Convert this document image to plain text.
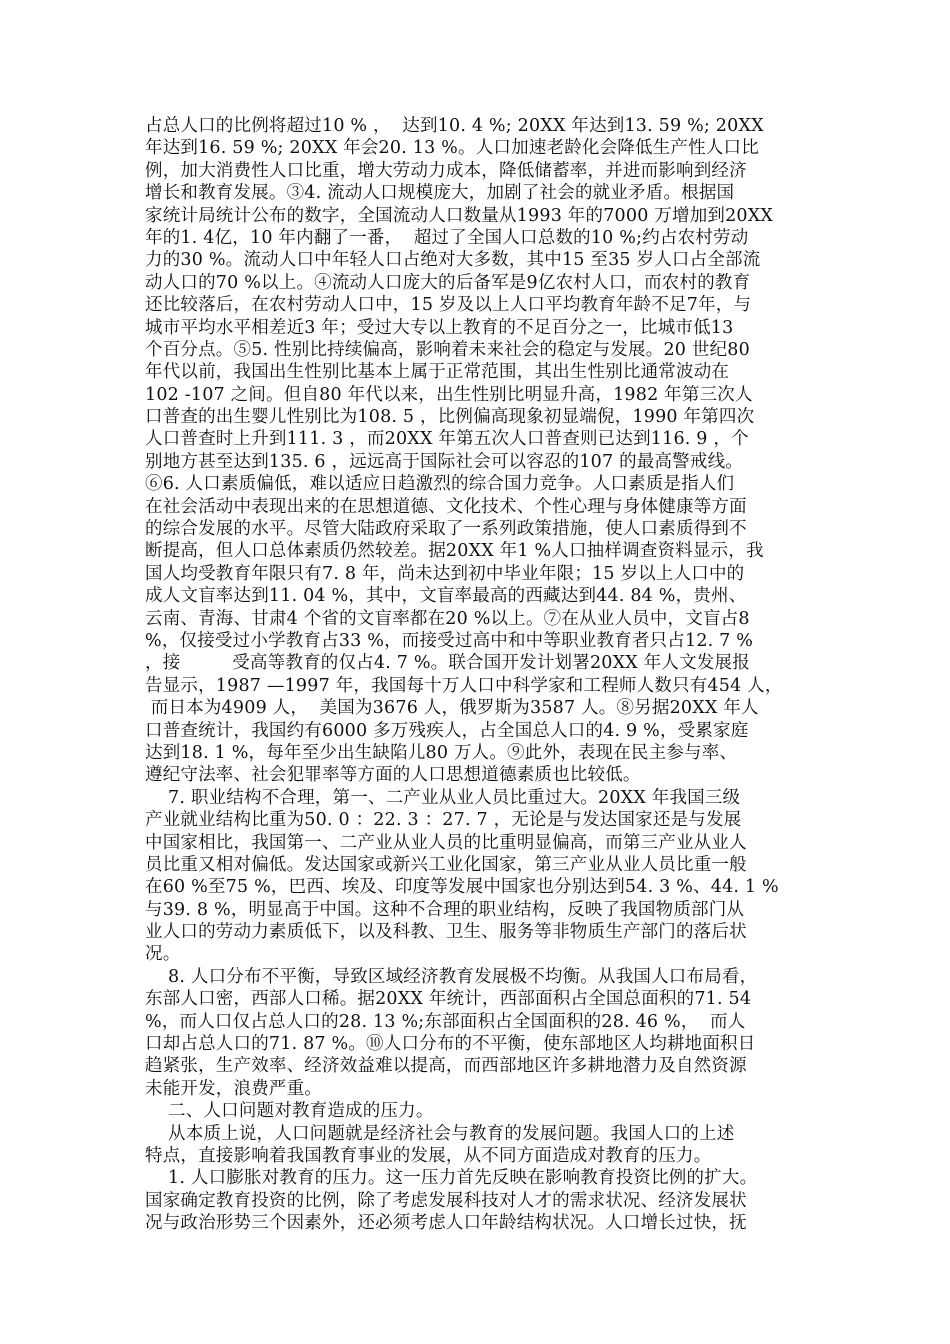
占总人口的比例将超过10 % ，  达到10. 4 %; 20XX 年达到13. 59 %; 20XX
年达到16. 59 %; 20XX 年会20. 13 %。人口加速老龄化会降低生产性人口比
例，加大消费性人口比重，增大劳动力成本，降低储蓄率，并进而影响到经济
增长和教育发展。③4. 流动人口规模庞大，加剧了社会的就业矛盾。根据国
家统计局统计公布的数字，全国流动人口数量从1993 年的7000 万增加到20XX
年的1. 4亿，10 年内翻了一番，  超过了全国人口总数的10 %;约占农村劳动
力的30 %。流动人口中年轻人口占绝对大多数，其中15 至35 岁人口占全部流
动人口的70 %以上。④流动人口庞大的后备军是9亿农村人口，而农村的教育
还比较落后，在农村劳动人口中，15 岁及以上人口平均教育年龄不足7年，与
城市平均水平相差近3 年；受过大专以上教育的不足百分之一，比城市低13
个百分点。⑤5. 性别比持续偏高，影响着未来社会的稳定与发展。20 世纪80
年代以前，我国出生性别比基本上属于正常范围，其出生性别比通常波动在
102 -107 之间。但自80 年代以来，出生性别比明显升高，1982 年第三次人
口普查的出生婴儿性别比为108. 5 ，比例偏高现象初显端倪，1990 年第四次
人口普查时上升到111. 3 ，而20XX 年第五次人口普查则已达到116. 9 ，个
别地方甚至达到135. 6 ，远远高于国际社会可以容忍的107 的最高警戒线。
⑥6. 人口素质偏低，难以适应日趋激烈的综合国力竞争。人口素质是指人们
在社会活动中表现出来的在思想道德、文化技术、个性心理与身体健康等方面
的综合发展的水平。尽管大陆政府采取了一系列政策措施，使人口素质得到不
断提高，但人口总体素质仍然较差。据20XX 年1 %人口抽样调查资料显示，我
国人均受教育年限只有7. 8 年，尚未达到初中毕业年限；15 岁以上人口中的
成人文盲率达到11. 04 %，其中，文盲率最高的西藏达到44. 84 %，贵州、
云南、青海、甘肃4 个省的文盲率都在20 %以上。⑦在从业人员中，文盲占8
%，仅接受过小学教育占33 %，而接受过高中和中等职业教育者只占12. 7 %
，接         受高等教育的仅占4. 7 %。联合国开发计划署20XX 年人文发展报
告显示，1987 —1997 年，我国每十万人口中科学家和工程师人数只有454 人，
而日本为4909 人，  美国为3676 人，俄罗斯为3587 人。⑧另据20XX 年人
口普查统计，我国约有6000 多万残疾人，占全国总人口的4. 9 %，受累家庭
达到18. 1 %，每年至少出生缺陷儿80 万人。⑨此外，表现在民主参与率、
遵纪守法率、社会犯罪率等方面的人口思想道德素质也比较低。
7. 职业结构不合理，第一、二产业从业人员比重过大。20XX 年我国三级
产业就业结构比重为50. 0 ：22. 3 ：27. 7 ，无论是与发达国家还是与发展
中国家相比，我国第一、二产业从业人员的比重明显偏高，而第三产业从业人
员比重又相对偏低。发达国家或新兴工业化国家，第三产业从业人员比重一般
在60 %至75 %，巴西、埃及、印度等发展中国家也分别达到54. 3 %、44. 1 %
与39. 8 %，明显高于中国。这种不合理的职业结构，反映了我国物质部门从
业人口的劳动力素质低下，以及科教、卫生、服务等非物质生产部门的落后状
况。
8. 人口分布不平衡，导致区域经济教育发展极不均衡。从我国人口布局看，
东部人口密，西部人口稀。据20XX 年统计，西部面积占全国总面积的71. 54
%，而人口仅占总人口的28. 13 %;东部面积占全国面积的28. 46 %，  而人
口却占总人口的71. 87 %。⑩人口分布的不平衡，使东部地区人均耕地面积日
趋紧张，生产效率、经济效益难以提高，而西部地区许多耕地潜力及自然资源
未能开发，浪费严重。
二、人口问题对教育造成的压力。
从本质上说，人口问题就是经济社会与教育的发展问题。我国人口的上述
特点，直接影响着我国教育事业的发展，从不同方面造成对教育的压力。
1. 人口膨胀对教育的压力。这一压力首先反映在影响教育投资比例的扩大。
国家确定教育投资的比例，除了考虑发展科技对人才的需求状况、经济发展状
况与政治形势三个因素外，还必须考虑人口年龄结构状况。人口增长过快，抚
